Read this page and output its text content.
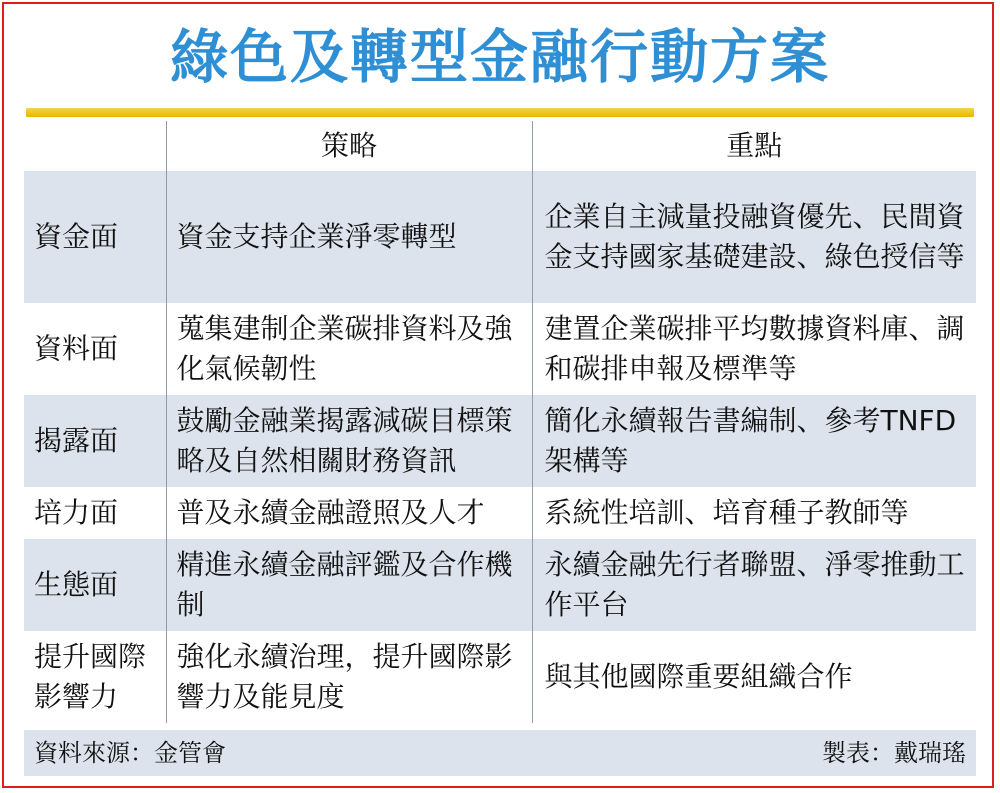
綠色及轉型金融行動方案
	策略	重點
資金面	資金支持企業淨零轉型	企業自主減量投融資優先、民間資金支持國家基礎建設、綠色授信等
資料面	蒐集建制企業碳排資料及強化氣候韌性	建置企業碳排平均數據資料庫、調和碳排申報及標準等
揭露面	鼓勵金融業揭露減碳目標策略及自然相關財務資訊	簡化永續報告書編制、參考TNFD架構等
培力面	普及永續金融證照及人才	系統性培訓、培育種子教師等
生態面	精進永續金融評鑑及合作機制	永續金融先行者聯盟、淨零推動工作平台
提升國際影響力	強化永續治理，提升國際影響力及能見度	與其他國際重要組織合作
資料來源：金管會	製表：戴瑞瑤
